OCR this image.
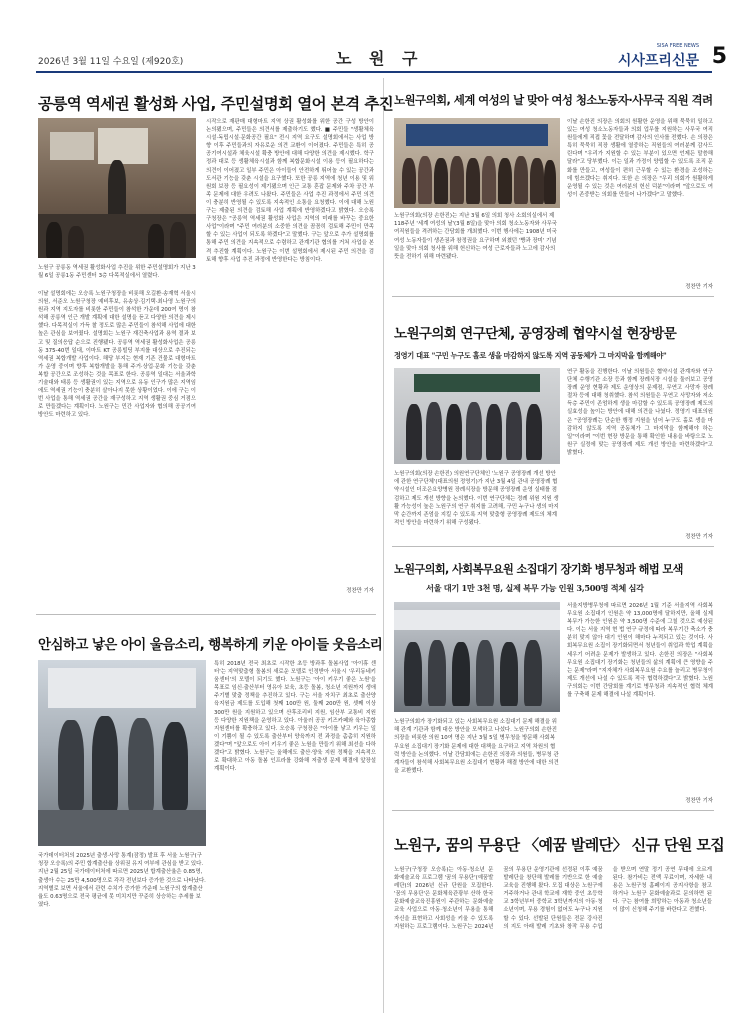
2026년 3월 11일 수요일 (제920호)	노 원 구
SISA FREE NEWS
시사프리신문 5
공릉역 역세권 활성화 사업, 주민설명회 열어 본격 추진
노원구 공릉동 역세권 활성화사업 추진을 위한 주민설명회가 지난 3월 6일 공릉1동 주민센터 3층 다목적실에서 열렸다.
이날 설명회에는 오승록 노원구청장을 비롯해 오길환·송재혁 서울시의원, 서준오 노원구청장 예비후보, 유송상·김기택·최나영 노원구의원과 지역 지도자를 비롯한 주민들이 참석한 가운데 200여 명이 참석해 공릉역 인근 개발 계획에 대한 설명을 듣고 다양한 의견을 제시했다. 다목적실이 가득 찰 정도로 많은 주민들이 참석해 사업에 대한 높은 관심을 보여줬다. 설명회는 노원구 재건축사업과 용역 결과 보고 및 질의응답 순으로 진행됐다. 공릉역 역세권 활성화사업은 공릉동 375-40번 일대, 이마트 KT 공릉빌딩 부지를 대상으로 추진되는 역세권 복합개발 사업이다. 해당 부지는 현재 기존 건물로 대형마트가 운영 중이며 향후 복합개발을 통해 주거·상업·문화 기능을 갖춘 복합 공간으로 조성하는 것을 목표로 한다. 공릉역 일대는 서울과학기술대와 태릉 등 생활권이 있는 지역으로 유동 인구가 많은 지역임에도 역세권 기능이 충분히 살아나지 못한 상황이었다. 이에 구는 이번 사업을 통해 역세권 공간을 재구성하고 지역 생활권 중심 거점으로 만들겠다는 계획이다. 노원구는 민간 사업자와 협의해 공공기여 방안도 마련하고 있다.
시작으로 재판매 대형마트 지역 상권 활성화를 위한 공간 구성 방안이 논의됐으며, 주민들은 의견서를 제출하기도 했다. ■ 주민들 "생활체육시설·독립시설·문화공간 필요" 전시 지역 요구도 설명회에서는 사업 방향 이후 주민들과의 자유로운 의견 교환이 이어졌다. 주민들은 특히 공공기여시설과 체육시설 확충 방안에 대해 다양한 의견을 제시했다. 학구정과 대로 등 생활체육시설과 함께 복합문화시설 이용 등이 필요하다는 의견이 이어졌고 일부 주민은 아이들이 안전하게 뛰어놀 수 있는 공간과 도서관 기능을 갖춘 시설을 요구했다. 또한 공릉 지역에 청년 이용 및 위원회 보장 등 필요성이 제기됐으며 인근 교통 혼잡 문제와 주차 공간 부족 문제에 대한 우려도 나왔다. 주민들은 사업 추진 과정에서 주민 의견이 충분히 반영될 수 있도록 지속적인 소통을 요청했다. 이에 대해 노원구는 제출된 의견을 검토해 사업 계획에 반영하겠다고 밝혔다. 오승록 구청장은 "공릉역 역세권 활성화 사업은 지역의 미래를 바꾸는 중요한 사업"이라며 "주민 여러분의 소중한 의견을 꼼꼼히 검토해 주민이 만족할 수 있는 사업이 되도록 하겠다"고 말했다. 구는 앞으로 추가 설명회를 통해 주민 의견을 지속적으로 수렴하고 관계기관 협의를 거쳐 사업을 본격 추진할 계획이다. 노원구는 이번 설명회에서 제시된 주민 의견을 검토해 향후 사업 추진 과정에 반영한다는 방침이다.
정찬만 기자
안심하고 낳은 아이 울음소리, 행복하게 키운 아이들 웃음소리
국가데이터처의 2025년 출생·사망 통계(잠정) 발표 후 서울 노원구(구청장 오승록)의 주민 합계출산율 상위권 유지 여부에 관심을 받고 있다. 지난 2월 25일 국가데이터처에 따르면 2025년 합계출산율은 0.85명, 출생아 수는 25만 4,500명으로 각각 전년보다 증가한 것으로 나타났다. 지역별로 보면 서울에서 관련 수치가 증가한 가운데 노원구의 합계출산율도 0.63명으로 전국 평균에 못 미치지만 꾸준히 상승하는 추세를 보였다.
특히 2018년 전국 최초로 시작한 초등 방과후 돌봄사업 '아이휴 센터'는 지역맞춤형 돌봄의 새로운 모델로 인정받아 서울시 '우리동네키움센터'의 모델이 되기도 했다. 노원구는 '아이 키우기 좋은 노원'을 목표로 임신·출산부터 영유아 보육, 초등 돌봄, 청소년 지원까지 생애주기별 맞춤 정책을 추진하고 있다. 구는 서울 자치구 최초로 출산양육지원금 제도를 도입해 첫째 100만 원, 둘째 200만 원, 셋째 이상 300만 원을 지원하고 있으며 산후조리비 지원, 임산부 교통비 지원 등 다양한 지원책을 운영하고 있다. 아울러 공공 키즈카페와 육아종합지원센터를 확충하고 있다. 오승록 구청장은 "아이를 낳고 키우는 일이 기쁨이 될 수 있도록 출산부터 양육까지 전 과정을 촘촘히 지원하겠다"며 "앞으로도 아이 키우기 좋은 노원을 만들기 위해 최선을 다하겠다"고 밝혔다. 노원구는 올해에도 출산·양육 지원 정책을 지속적으로 확대하고 아동 돌봄 인프라를 강화해 저출생 문제 해결에 앞장설 계획이다.
노원구의회, 세계 여성의 날 맞아 여성 청소노동자·사무국 직원 격려
노원구의회(의장 손한진)는 지난 3월 6일 의회 청사 소회의실에서 제118주년 '세계 여성의 날'(3월 8일)을 맞아 의회 청소노동자와 사무국 여직원들을 격려하는 간담회를 개최했다. 이번 행사에는 1908년 미국 여성 노동자들이 생존권과 참정권을 요구하며 외쳤던 '빵과 장미' 기념일을 맞아 의회 청사를 위해 헌신하는 여성 근로자들과 노고에 감사의 뜻을 전하기 위해 마련됐다.
이날 손한진 의장은 의회의 원활한 운영을 위해 묵묵히 일하고 있는 여성 청소노동자들과 의회 업무를 지원하는 사무국 여직원들에게 직접 꽃을 전달하며 감사의 인사를 전했다. 손 의장은 특히 묵묵히 직장 생활에 열중하는 직원들의 여러분께 감사드린다며 "우리가 지원할 수 있는 부분이 있으면 언제든 말씀해 달라"고 당부했다. 이는 일과 가정이 양립할 수 있도록 조직 문화를 만들고, 여성들이 편히 근무할 수 있는 환경을 조성하는 데 힘쓰겠다는 취지다. 또한 손 의장은 "우리 의회가 원활하게 운영될 수 있는 것은 여러분의 헌신 덕분"이라며 "앞으로도 여성이 존중받는 의회를 만들어 나가겠다"고 말했다.
정찬만 기자
노원구의회 연구단체, 공영장례 협약시설 현장방문
정영기 대표 "구민 누구도 홀로 생을 마감하지 않도록 지역 공동체가 그 마지막을 함께해야"
노원구의회(의장 손한진) 의원연구단체인 '노원구 공영장례 개선 방안에 관한 연구단체'(대표의원 정영기)가 지난 3월 4일 관내 공영장례 협약시설인 더조은요양병원 장례식장을 방문해 공영장례 운영 실태를 점검하고 제도 개선 방향을 논의했다. 이번 연구단체는 정례 위원 지원 생활 가능성이 높은 노원구의 연구 취지를 고려해, 구민 누구나 생의 마지막 순간까지 존엄을 지킬 수 있도록 지역 맞춤형 공영장례 제도의 체계적인 방안을 마련하기 위해 구성됐다.
연구 활동을 진행한다. 이날 의원들은 협약시설 관계자와 연구단체 수행기관 소장 등과 함께 장례식장 시설을 둘러보고 공영장례 운영 현황과 제도 운영상의 문제점, 무연고 사망자 장례 절차 등에 대해 청취했다. 참석 의원들은 무연고 사망자와 저소득층 주민이 존엄하게 생을 마감할 수 있도록 공영장례 제도의 실효성을 높이는 방안에 대해 의견을 나눴다. 정영기 대표의원은 "공영장례는 단순한 행정 지원을 넘어 누구도 홀로 생을 마감하지 않도록 지역 공동체가 그 마지막을 함께해야 하는 일"이라며 "이번 현장 방문을 통해 확인한 내용을 바탕으로 노원구 실정에 맞는 공영장례 제도 개선 방안을 마련하겠다"고 밝혔다.
정찬만 기자
노원구의회, 사회복무요원 소집대기 장기화 병무청과 해법 모색
서울 대기 1만 3천 명, 실제 복무 가능 인원 3,500명 적체 심각
노원구의회가 장기화되고 있는 사회복무요원 소집대기 문제 해결을 위해 관계 기관과 함께 대응 방안을 모색하고 나섰다. 노원구의회 손한진 의장을 비롯한 의원 10여 명은 지난 3월 5일 병무청을 방문해 사회복무요원 소집대기 장기화 문제에 대한 대책을 요구하고 지역 차원의 협력 방안을 논의했다. 이날 간담회에는 손한진 의장과 의원들, 병무청 관계자들이 참석해 사회복무요원 소집대기 현황과 해결 방안에 대한 의견을 교환했다.
서울지방병무청에 따르면 2026년 1월 기준 서울지역 사회복무요원 소집대기 인원은 약 13,000명에 달하지만, 올해 실제 복무가 가능한 인원은 약 3,500명 수준에 그칠 것으로 예상된다. 이는 서울 지역 현 법 연구 규정에 따라 복무기간 축소가 충분히 맞지 않아 대기 인원이 해마다 누적되고 있는 것이다. 사회복무요원 소집이 장기화되면서 청년들이 취업과 학업 계획을 세우기 어려운 문제가 발생하고 있다. 손한진 의장은 "사회복무요원 소집대기 장기화는 청년들의 삶의 계획에 큰 영향을 주는 문제"라며 "지자체가 사회복무요원 수요를 늘리고 병무청이 제도 개선에 나설 수 있도록 적극 협력하겠다"고 밝혔다. 노원구의회는 이번 간담회를 계기로 병무청과 지속적인 협력 체계를 구축해 문제 해결에 나설 계획이다.
정찬만 기자
노원구, 꿈의 무용단 〈예꿈 발레단〉 신규 단원 모집
노원구(구청장 오승록)는 아동·청소년 문화예술교육 프로그램 '꿈의 무용단'(예꿈발레단)의 2026년 신규 단원을 모집한다. '꿈의 무용단'은 문화체육관광부 산하 한국문화예술교육진흥원이 주관하는 문화예술교육 사업으로 아동·청소년이 무용을 통해 자신을 표현하고 사회성을 키울 수 있도록 지원하는 프로그램이다. 노원구는 2024년 꿈의 무용단 운영기관에 선정된 이후 예꿈발레단을 창단해 발레를 기반으로 한 예술교육을 진행해 왔다. 모집 대상은 노원구에 거주하거나 관내 학교에 재학 중인 초등학교 3학년부터 중학교 3학년까지의 아동·청소년이며, 무용 경험이 없어도 누구나 지원할 수 있다. 선발된 단원들은 전문 강사진의 지도 아래 발레 기초와 창작 무용 수업을 받으며 연말 정기 공연 무대에 오르게 된다. 참가비는 전액 무료이며, 자세한 내용은 노원구청 홈페이지 공지사항을 참고하거나 노원구 문화예술과로 문의하면 된다. 구는 참여를 희망하는 아동과 청소년들이 많이 신청해 주기를 바란다고 전했다.
